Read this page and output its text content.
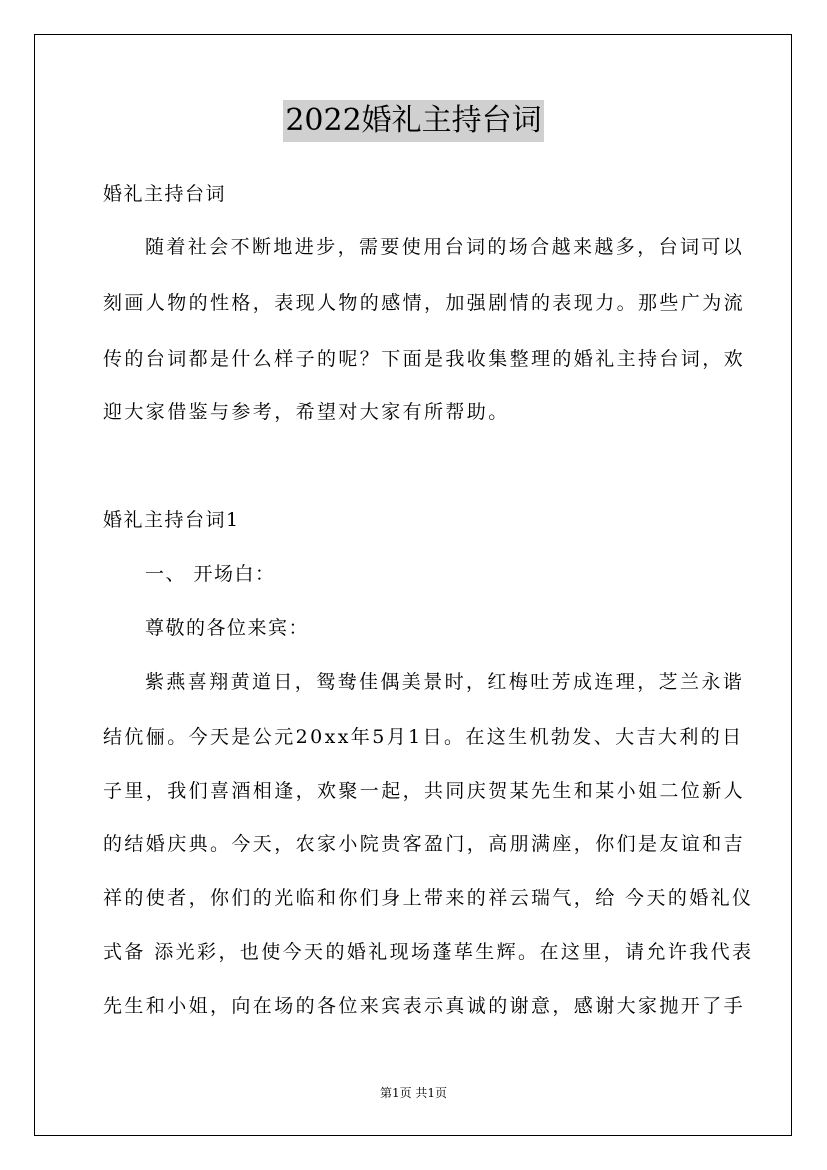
2022婚礼主持台词
婚礼主持台词
随着社会不断地进步，需要使用台词的场合越来越多，台词可以
刻画人物的性格，表现人物的感情，加强剧情的表现力。那些广为流
传的台词都是什么样子的呢？下面是我收集整理的婚礼主持台词，欢
迎大家借鉴与参考，希望对大家有所帮助。
婚礼主持台词1
一、 开场白：
尊敬的各位来宾：
紫燕喜翔黄道日，鸳鸯佳偶美景时，红梅吐芳成连理，芝兰永谐
结伉俪。今天是公元20xx年5月1日。在这生机勃发、大吉大利的日
子里，我们喜酒相逢，欢聚一起，共同庆贺某先生和某小姐二位新人
的结婚庆典。今天，农家小院贵客盈门，高朋满座，你们是友谊和吉
祥的使者，你们的光临和你们身上带来的祥云瑞气，给 今天的婚礼仪
式备 添光彩，也使今天的婚礼现场蓬荜生辉。在这里，请允许我代表
先生和小姐，向在场的各位来宾表示真诚的谢意，感谢大家抛开了手
第1页 共1页
